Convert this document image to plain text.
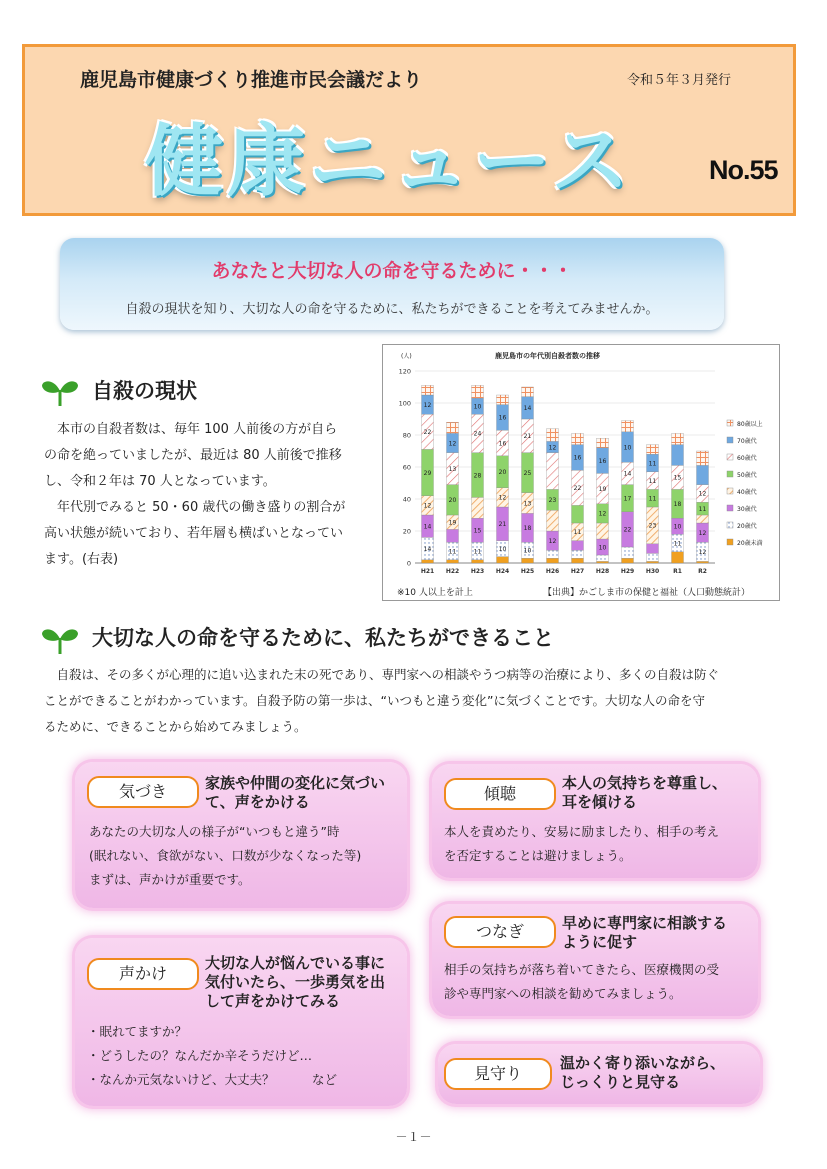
鹿児島市健康づくり推進市民会議だより	令和５年３月発行
健康ニュース	No.55
あなたと大切な人の命を守るために・・・
自殺の現状を知り、大切な人の命を守るために、私たちができることを考えてみませんか。
自殺の現状
　本市の自殺者数は、毎年 100 人前後の方が自ら
の命を絶っていましたが、最近は 80 人前後で推移
し、令和２年は 70 人となっています。
　年代別でみると 50・60 歳代の働き盛りの割合が
高い状態が続いており、若年層も横ばいとなってい
ます。(右表)	0
20
40
60
80
100
120
H21 H22 H23 H24 H25 H26 H27 H28 H29 H30 R1	R2
14
14
12
29
22
12
11
19
20
13
12
11
15
28
24
10
10
21
12
20
16
16
10
18
13
25
21
14
12
23
12
11
22
16
10
12
19
16
22
17
14
10
23
11
11
11
11
10
18
15
12
12
11
12
80歳以上
70歳代
60歳代
50歳代
40歳代
30歳代
20歳代
20歳未満
鹿児島市の年代別自殺者数の推移
(人)
※10 人以上を計上	【出典】かごしま市の保健と福祉（人口動態統計）
大切な人の命を守るために、私たちができること
　自殺は、その多くが心理的に追い込まれた末の死であり、専門家への相談やうつ病等の治療により、多くの自殺は防ぐ
ことができることがわかっています。自殺予防の第一歩は、“いつもと違う変化”に気づくことです。大切な人の命を守
るために、できることから始めてみましょう。
気づき	家族や仲間の変化に気づい
て、声をかける
あなたの大切な人の様子が“いつもと違う”時
(眠れない、食欲がない、口数が少なくなった等)
まずは、声かけが重要です。
傾聴
本人の気持ちを尊重し、
耳を傾ける
本人を責めたり、安易に励ましたり、相手の考え
を否定することは避けましょう。
つなぎ	早めに専門家に相談する
ように促す
相手の気持ちが落ち着いてきたら、医療機関の受
診や専門家への相談を勧めてみましょう。
声かけ
大切な人が悩んでいる事に
気付いたら、一歩勇気を出
して声をかけてみる
・眠れてますか？
・どうしたの？なんだか辛そうだけど…
・なんか元気ないけど、大丈夫？　　　など	見守り
温かく寄り添いながら、
じっくりと見守る
－１－
